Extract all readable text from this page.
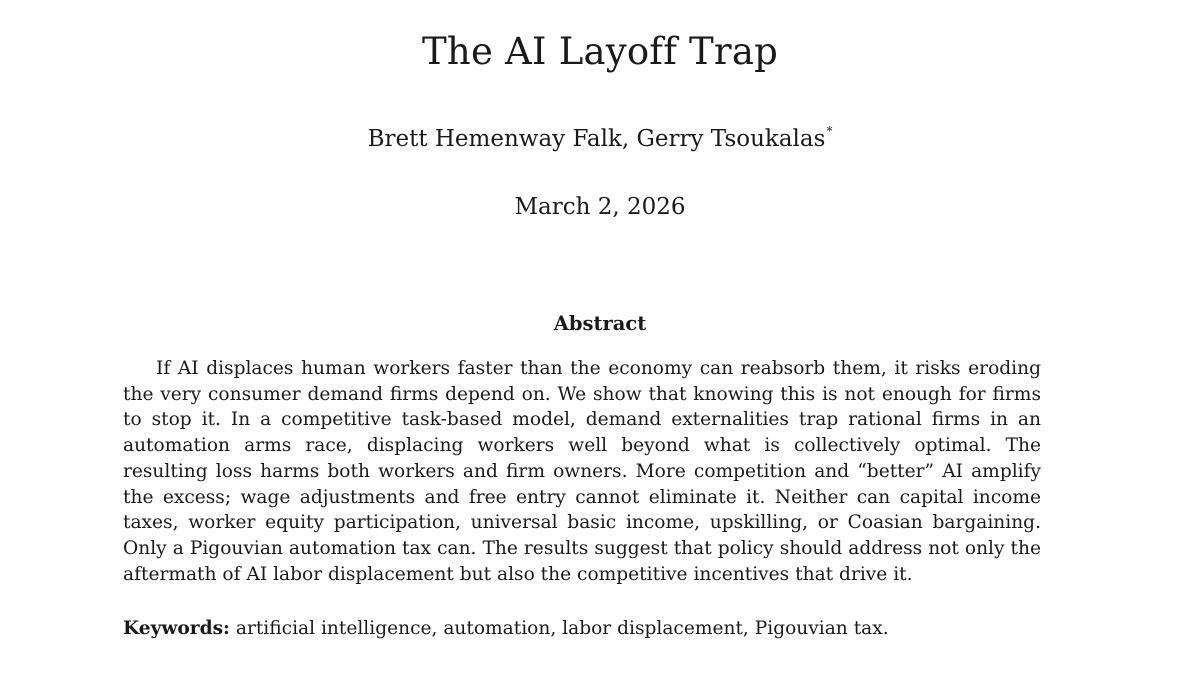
The AI Layoff Trap
Brett Hemenway Falk, Gerry Tsoukalas*
March 2, 2026
Abstract
If AI displaces human workers faster than the economy can reabsorb them, it risks eroding the very consumer demand firms depend on. We show that knowing this is not enough for firms to stop it. In a competitive task-based model, demand externalities trap rational firms in an automation arms race, displacing workers well beyond what is collectively optimal. The resulting loss harms both workers and firm owners. More competition and “better” AI amplify the excess; wage adjustments and free entry cannot eliminate it. Neither can capital income taxes, worker equity participation, universal basic income, upskilling, or Coasian bargaining. Only a Pigouvian automation tax can. The results suggest that policy should address not only the aftermath of AI labor displacement but also the competitive incentives that drive it.
Keywords: artificial intelligence, automation, labor displacement, Pigouvian tax.
